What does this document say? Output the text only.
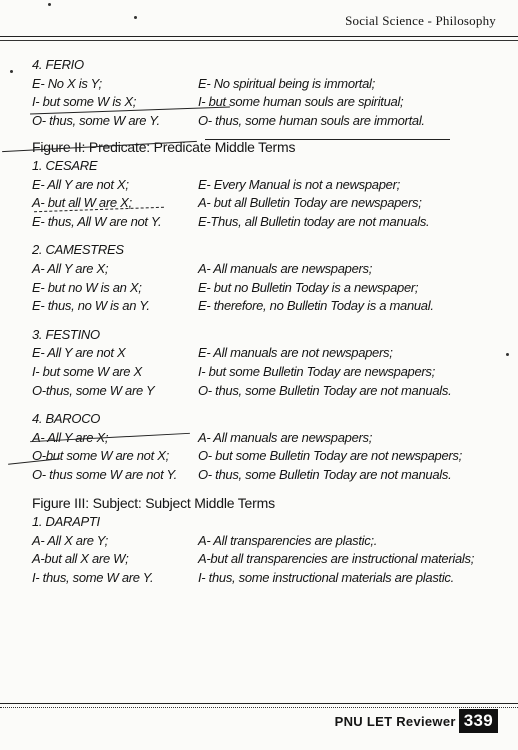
Social Science - Philosophy
4. FERIO
E- No X is Y;	E- No spiritual being is immortal;
I- but some W is X;	I- but some human souls are spiritual;
O- thus, some W are Y.	O- thus, some human souls are immortal.
Figure II: Predicate: Predicate Middle Terms
1. CESARE
E- All Y are not X;	E- Every Manual is not a newspaper;
A- but all W are X;	A- but all Bulletin Today are newspapers;
E- thus, All W are not Y.	E-Thus, all Bulletin today are not manuals.
2. CAMESTRES
A- All Y are X;	A- All manuals are newspapers;
E- but no W is an X;	E- but no Bulletin Today is a newspaper;
E- thus, no W is an Y.	E- therefore, no Bulletin Today is a manual.
3. FESTINO
E- All Y are not X	E- All manuals are not newspapers;
I- but some W are X	I- but some Bulletin Today are newspapers;
O-thus, some W are Y	O- thus, some Bulletin Today are not manuals.
4. BAROCO
A- All Y are X;	A- All manuals are newspapers;
O-but some W are not X;	O- but some Bulletin Today are not newspapers;
O- thus some W are not Y.	O- thus, some Bulletin Today are not manuals.
Figure III: Subject: Subject Middle Terms
1. DARAPTI
A- All X are Y;	A- All transparencies are plastic;.
A-but all X are W;	A-but all transparencies are instructional materials;
I- thus, some W are Y.	I- thus, some instructional materials are plastic.
PNU LET Reviewer 339
